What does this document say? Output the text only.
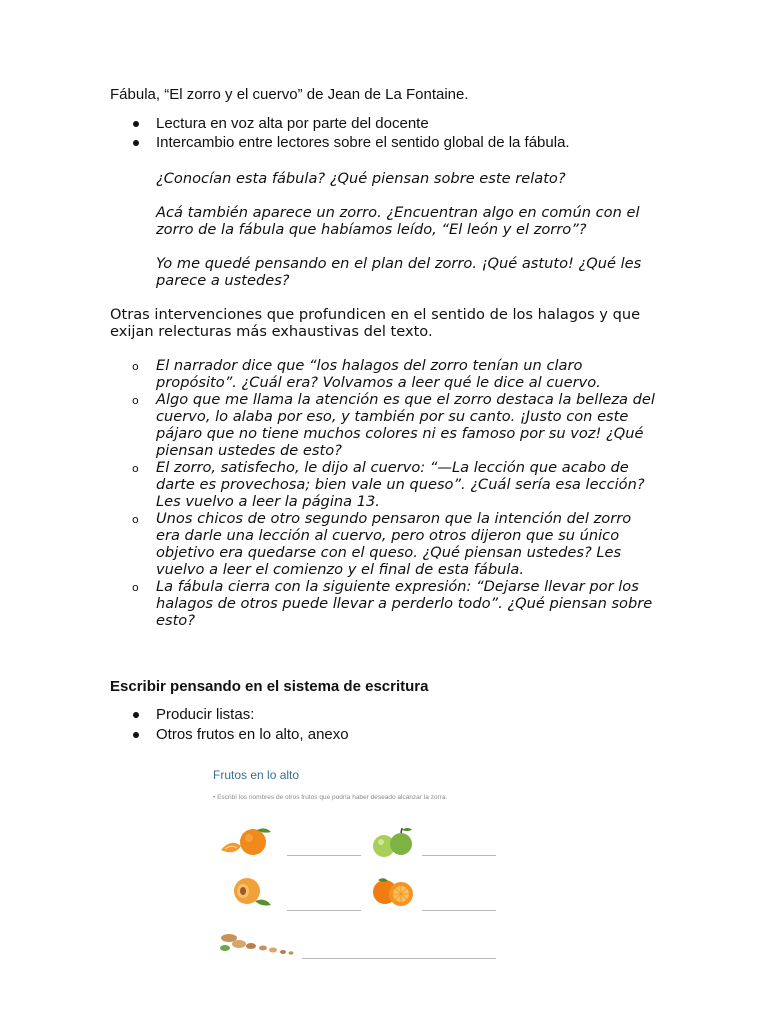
Fábula, “El zorro y el cuervo” de Jean de La Fontaine.
Lectura en voz alta por parte del docente
Intercambio entre lectores sobre el sentido global de la fábula.

¿Conocían esta fábula? ¿Qué piensan sobre este relato?

Acá también aparece un zorro. ¿Encuentran algo en común con el zorro de la fábula que habíamos leído, “El león y el zorro”?

Yo me quedé pensando en el plan del zorro. ¡Qué astuto! ¿Qué les parece a ustedes?

Otras intervenciones que profundicen en el sentido de los halagos y que exijan relecturas más exhaustivas del texto.
o El narrador dice que “los halagos del zorro tenían un claro propósito”. ¿Cuál era? Volvamos a leer qué le dice al cuervo.
o Algo que me llama la atención es que el zorro destaca la belleza del cuervo, lo alaba por eso, y también por su canto. ¡Justo con este pájaro que no tiene muchos colores ni es famoso por su voz! ¿Qué piensan ustedes de esto?
o El zorro, satisfecho, le dijo al cuervo: “—La lección que acabo de darte es provechosa; bien vale un queso”. ¿Cuál sería esa lección? Les vuelvo a leer la página 13.
o Unos chicos de otro segundo pensaron que la intención del zorro era darle una lección al cuervo, pero otros dijeron que su único objetivo era quedarse con el queso. ¿Qué piensan ustedes? Les vuelvo a leer el comienzo y el final de esta fábula.
o La fábula cierra con la siguiente expresión: “Dejarse llevar por los halagos de otros puede llevar a perderlo todo”. ¿Qué piensan sobre esto?
Escribir pensando en el sistema de escritura
Producir listas:
Otros frutos en lo alto, anexo
Frutos en lo alto
• Escribí los nombres de otros frutos que podría haber deseado alcanzar la zorra.
